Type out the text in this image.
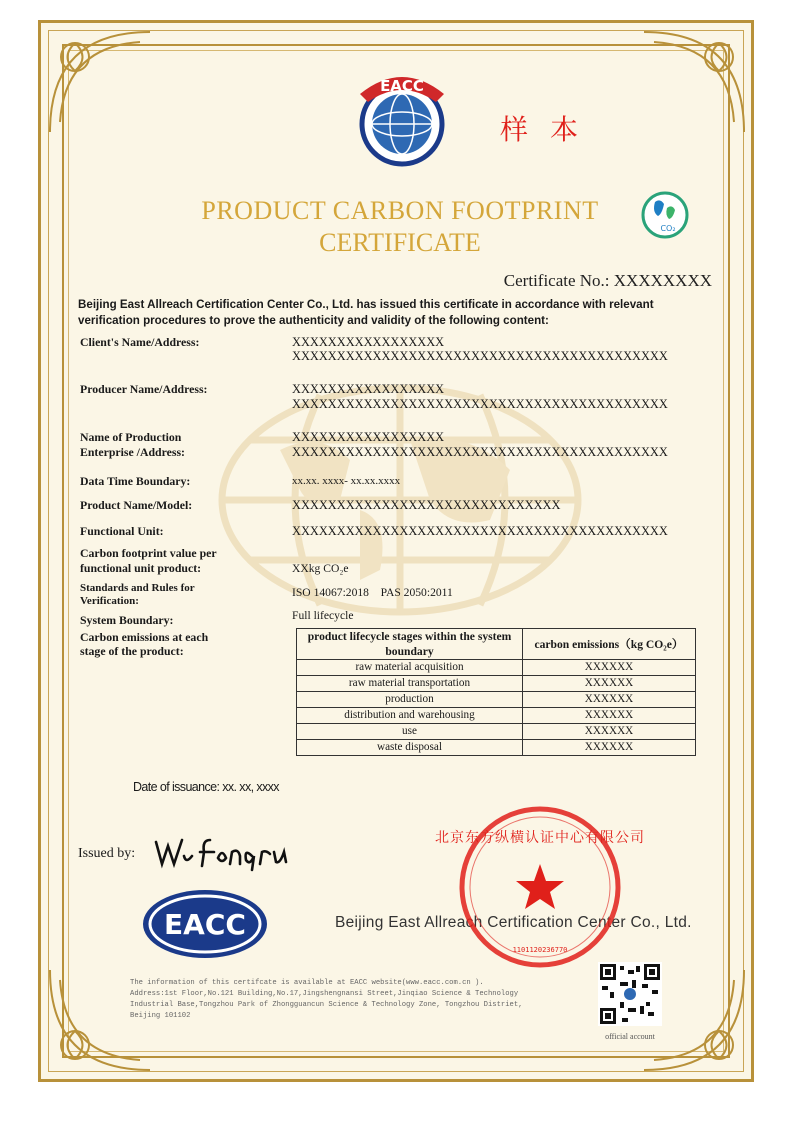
EACC
样本
PRODUCT CARBON FOOTPRINT
CERTIFICATE	CO₂
Certificate No.: XXXXXXXX
Beijing East Allreach Certification Center Co., Ltd. has issued this certificate in accordance with relevant verification procedures to prove the authenticity and validity of the following content:
Client's Name/Address:	XXXXXXXXXXXXXXXXX
XXXXXXXXXXXXXXXXXXXXXXXXXXXXXXXXXXXXXXXXXX
Producer Name/Address:	XXXXXXXXXXXXXXXXX
XXXXXXXXXXXXXXXXXXXXXXXXXXXXXXXXXXXXXXXXXX
Name of Production
Enterprise /Address:
XXXXXXXXXXXXXXXXX
XXXXXXXXXXXXXXXXXXXXXXXXXXXXXXXXXXXXXXXXXX
Data Time Boundary:	xx.xx. xxxx- xx.xx.xxxx
Product Name/Model:	XXXXXXXXXXXXXXXXXXXXXXXXXXXXXX
Functional Unit:	XXXXXXXXXXXXXXXXXXXXXXXXXXXXXXXXXXXXXXXXXX
Carbon footprint value per
functional unit product:	XXkg CO₂e
Standards and Rules for
Verification:
ISO 14067:2018    PAS 2050:2011
System Boundary:	Full lifecycle
Carbon emissions at each
stage of the product:
product lifecycle stages within the system boundary	carbon emissions（kg CO₂e）
raw material acquisition	XXXXXX
raw material transportation	XXXXXX
production	XXXXXX
distribution and warehousing	XXXXXX
use	XXXXXX
waste disposal	XXXXXX
Date of issuance: xx. xx, xxxx
Issued by:
EACC	Beijing East Allreach Certification Center Co., Ltd.
北京东方纵横认证中心有限公司
1101120236770
The information of this certifcate is available at EACC website(www.eacc.com.cn ).
Address:1st Floor,No.121 Building,No.17,Jingshengnansi Street,Jinqiao Science & Technology
Industrial Base,Tongzhou Park of Zhongguancun Science & Technology Zone, Tongzhou Distriet,
Beijing 101102
official account
